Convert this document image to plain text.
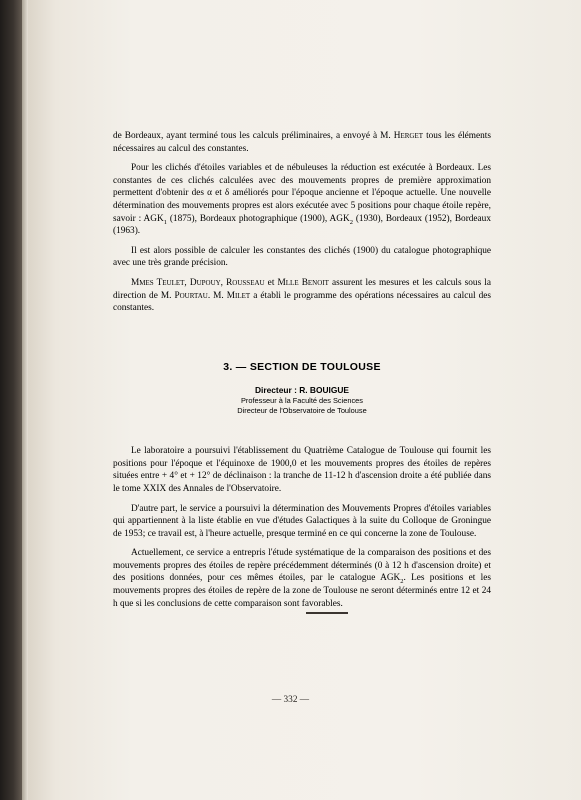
de Bordeaux, ayant terminé tous les calculs préliminaires, a envoyé à M. Herget tous les éléments nécessaires au calcul des constantes.

Pour les clichés d'étoiles variables et de nébuleuses la réduction est exécutée à Bordeaux. Les constantes de ces clichés calculées avec des mouvements propres de première approximation permettent d'obtenir des α et δ améliorés pour l'époque ancienne et l'époque actuelle. Une nouvelle détermination des mouvements propres est alors exécutée avec 5 positions pour chaque étoile repère, savoir : $AGK_1$ (1875), Bordeaux photographique (1900), $AGK_2$ (1930), Bordeaux (1952), Bordeaux (1963).

Il est alors possible de calculer les constantes des clichés (1900) du catalogue photographique avec une très grande précision.

Mmes Teulet, Dupouy, Rousseau et Mlle Benoit assurent les mesures et les calculs sous la direction de M. Pourtau. M. Milet a établi le programme des opérations nécessaires au calcul des constantes.

3. — SECTION DE TOULOUSE

Directeur : R. BOUIGUE

Professeur à la Faculté des Sciences

Directeur de l'Observatoire de Toulouse

Le laboratoire a poursuivi l'établissement du Quatrième Catalogue de Toulouse qui fournit les positions pour l'époque et l'équinoxe de 1900,0 et les mouvements propres des étoiles de repères situées entre + 4° et + 12° de déclinaison : la tranche de 11-12 h d'ascension droite a été publiée dans le tome XXIX des Annales de l'Observatoire.

D'autre part, le service a poursuivi la détermination des Mouvements Propres d'étoiles variables qui appartiennent à la liste établie en vue d'études Galactiques à la suite du Colloque de Groningue de 1953; ce travail est, à l'heure actuelle, presque terminé en ce qui concerne la zone de Toulouse.

Actuellement, ce service a entrepris l'étude systématique de la comparaison des positions et des mouvements propres des étoiles de repère précédemment déterminés (0 à 12 h d'ascension droite) et des positions données, pour ces mêmes étoiles, par le catalogue $AGK_2$. Les positions et les mouvements propres des étoiles de repère de la zone de Toulouse ne seront déterminés entre 12 et 24 h que si les conclusions de cette comparaison sont favorables.

— 332 —
